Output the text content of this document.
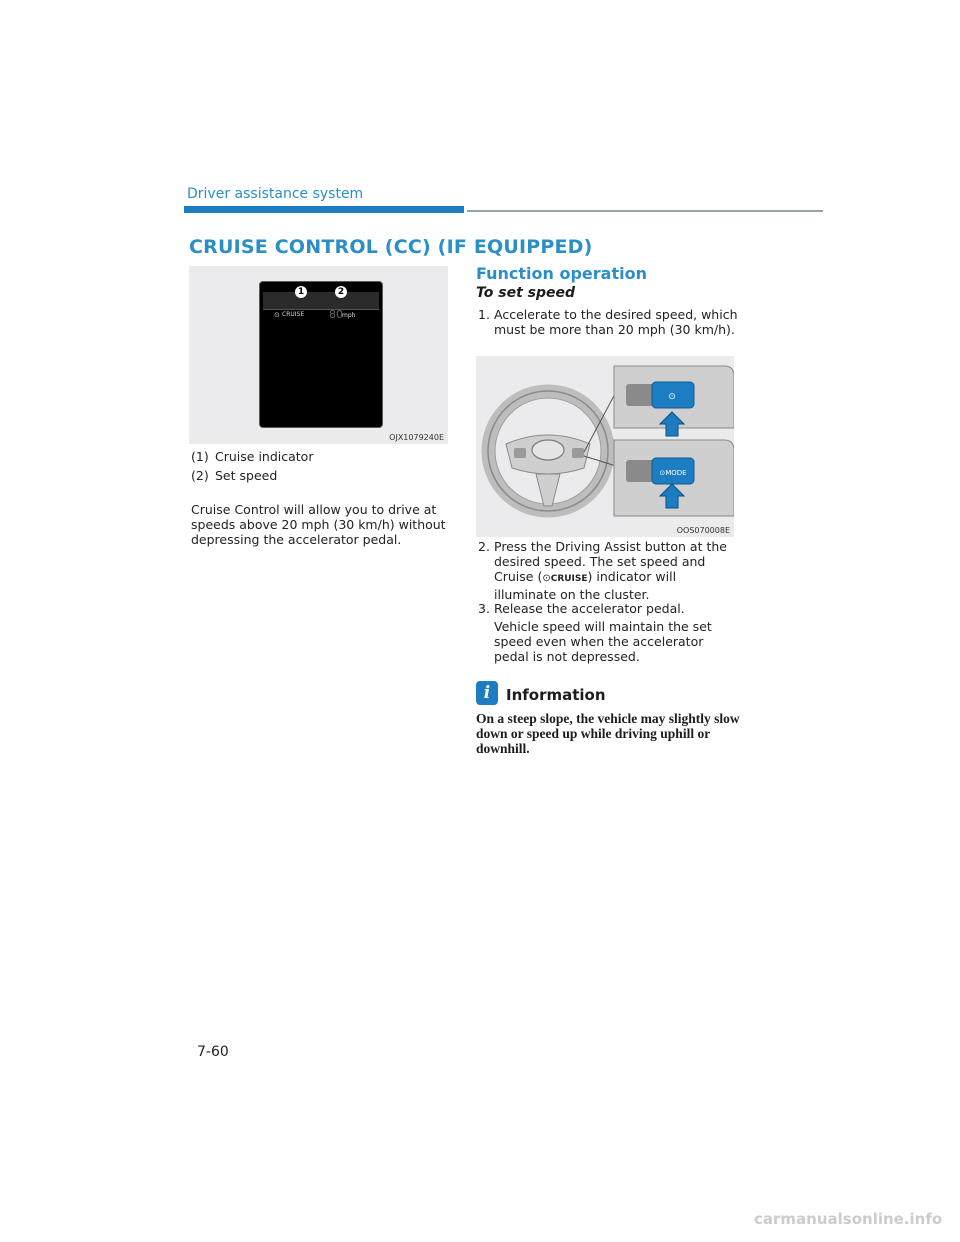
Driver assistance system
CRUISE CONTROL (CC) (IF EQUIPPED)
1	2
⊙ CRUISE 80 mph
OJX1079240E
(1) Cruise indicator
(2) Set speed
Cruise Control will allow you to drive at speeds above 20 mph (30 km/h) without depressing the accelerator pedal.
Function operation
To set speed
1. Accelerate to the desired speed, which must be more than 20 mph (30 km/h).
⊙
⊙MODE
OOS070008E
2. Press the Driving Assist button at the desired speed. The set speed and Cruise (⊙CRUISE) indicator will illuminate on the cluster.
3. Release the accelerator pedal.
Vehicle speed will maintain the set speed even when the accelerator pedal is not depressed.
i	Information
On a steep slope, the vehicle may slightly slow down or speed up while driving uphill or downhill.
7-60
carmanualsonline.info
